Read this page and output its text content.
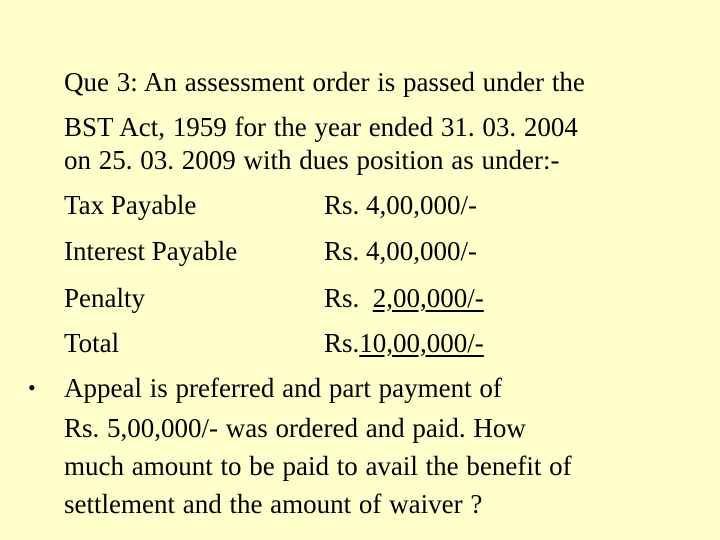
Que 3: An assessment order is passed under the
BST Act, 1959 for the year ended 31. 03. 2004
on 25. 03. 2009 with dues position as under:-
Tax Payable	Rs. 4,00,000/-
Interest Payable	Rs. 4,00,000/-
Penalty	Rs.  2,00,000/-
Total	Rs.10,00,000/-
• Appeal is preferred and part payment of
Rs. 5,00,000/- was ordered and paid. How
much amount to be paid to avail the benefit of
settlement and the amount of waiver ?
